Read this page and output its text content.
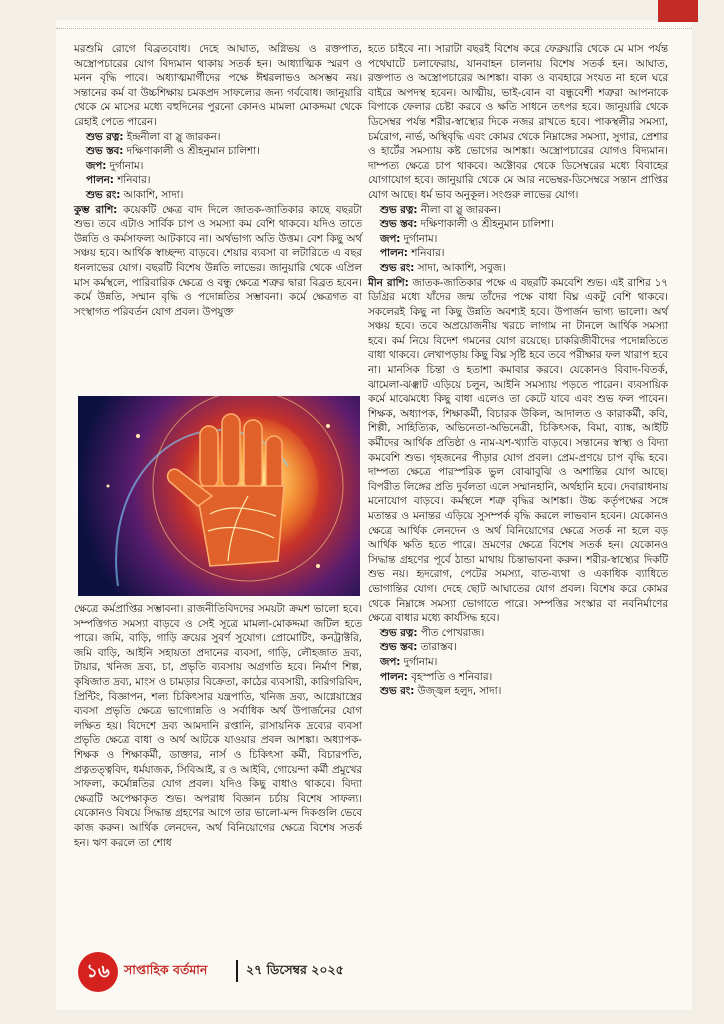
মরশুমি রোগে বিব্রতবোধ। দেহে আঘাত, অগ্নিভয় ও রক্তপাত, অস্ত্রোপচারের যোগ বিদ্যমান থাকায় সতর্ক হন। আধ্যাত্মিক স্মরণ ও মনন বৃদ্ধি পাবে। অধ্যাত্মমার্গীদের পক্ষে ঈশ্বরলাভও অসম্ভব নয়। সন্তানের কর্ম বা উচ্চশিক্ষায় চমকপ্রদ সাফল্যের জন্য গর্ববোধ। জানুয়ারি থেকে মে মাসের মধ্যে বহুদিনের পুরনো কোনও মামলা মোকদ্দমা থেকে রেহাই পেতে পারেন।

শুভ রত্ন: ইন্দ্রনীলা বা স্লু জারকন।

শুভ স্তব: দক্ষিণাকালী ও শ্রীহনুমান চালিশা।

জপ: দুর্গানাম।

পালন: শনিবার।

শুভ রং: আকাশি, সাদা।

কুম্ভ রাশি: কয়েকটি ক্ষেত্র বাদ দিলে জাতক-জাতিকার কাছে বছরটা শুভ। তবে এটাও সার্বিক চাপ ও সমস্যা কম বেশি থাকবে। যদিও তাতে উন্নতি ও কর্মসাফল্য আটকাবে না। অর্থভাগ্য অতি উত্তম। বেশ কিছু অর্থ সঞ্চয় হবে। আর্থিক স্বাচ্ছন্দ্য বাড়বে। শেয়ার ব্যবসা বা লটারিতে এ বছর ধনলাভের যোগ। বছরটি বিশেষ উন্নতি লাভের। জানুয়ারি থেকে এপ্রিল মাস কর্মস্থলে, পারিবারিক ক্ষেত্রে ও বন্ধু ক্ষেত্রে শত্রুর দ্বারা বিব্রত হবেন। কর্মে উন্নতি, সম্মান বৃদ্ধি ও পদোন্নতির সম্ভাবনা। কর্মে ক্ষেত্রগত বা সংস্থাগত পরিবর্তন যোগ প্রবল। উপযুক্ত

ক্ষেত্রে কর্মপ্রাপ্তির সম্ভাবনা। রাজনীতিবিদদের সময়টা ক্রমশ ভালো হবে। সম্পত্তিগত সমস্যা বাড়বে ও সেই সূত্রে মামলা-মোকদ্দমা জটিল হতে পারে। জমি, বাড়ি, গাড়ি ক্রয়ের সুবর্ণ সুযোগ। প্রোমোটিং, কনট্রাক্টরি, জমি বাড়ি, আইনি সহায়তা প্রদানের ব্যবসা, গাড়ি, লৌহজাত দ্রব্য, টায়ার, খনিজ দ্রব্য, চা, প্রভৃতি ব্যবসায় অগ্রগতি হবে। নির্মাণ শিল্প, কৃষিজাত দ্রব্য, মাংস ও চামড়ার বিক্রেতা, কাঠের ব্যবসায়ী, কারিগরিবিদ, প্রিন্টিং, বিজ্ঞাপন, শল্য চিকিৎসার যন্ত্রপাতি, খনিজ দ্রব্য, আগ্নেয়াস্ত্রের ব্যবসা প্রভৃতি ক্ষেত্রে ভাগ্যোন্নতি ও সর্বাধিক অর্থ উপার্জনের যোগ লক্ষিত হয়। বিদেশে দ্রব্য আমদানি রপ্তানি, রাসায়নিক দ্রব্যের ব্যবসা প্রভৃতি ক্ষেত্রে বাধা ও অর্থ আটকে যাওয়ার প্রবল আশঙ্কা। অধ্যাপক-শিক্ষক ও শিক্ষাকর্মী, ডাক্তার, নার্স ও চিকিৎসা কর্মী, বিচারপতি, প্রত্নতত্ত্ববিদ, ধর্মযাজক, সিবিআই, র ও আইবি, গোয়েন্দা কর্মী প্রমুখের সাফল্য, কর্মোন্নতির যোগ প্রবল। যদিও কিছু বাধাও থাকবে। বিদ্যা ক্ষেত্রটি অপেক্ষাকৃত শুভ। অপরাধ বিজ্ঞান চর্চায় বিশেষ সাফল্য। যেকোনও বিষয়ে সিদ্ধান্ত গ্রহণের আগে তার ভালো-মন্দ দিকগুলি ভেবে কাজ করুন। আর্থিক লেনদেন, অর্থ বিনিয়োগের ক্ষেত্রে বিশেষ সতর্ক হন। ঋণ করলে তা শোধ

হতে চাইবে না। সারাটা বছরই বিশেষ করে ফেব্রুয়ারি থেকে মে মাস পর্যন্ত পথেঘাটে চলাফেরায়, যানবাহন চালনায় বিশেষ সতর্ক হন। আঘাত, রক্তপাত ও অস্ত্রোপচারের আশঙ্কা। বাক্য ও ব্যবহারে সংযত না হলে ঘরে বাইরে অপদস্থ হবেন। আত্মীয়, ভাই-বোন বা বন্ধুবেশী শত্রুরা আপনাকে বিপাকে ফেলার চেষ্টা করবে ও ক্ষতি সাধনে তৎপর হবে। জানুয়ারি থেকে ডিসেম্বর পর্যন্ত শরীর-স্বাস্থ্যের দিকে নজর রাখতে হবে। পাকস্থলীর সমস্যা, চর্মরোগ, নার্ভ, অস্থিবৃদ্ধি এবং কোমর থেকে নিম্নাঙ্গের সমস্যা, সুগার, প্রেশার ও হার্টের সমস্যায় কষ্ট ভোগের আশঙ্কা। অস্ত্রোপচারের যোগও বিদ্যমান। দাম্পত্য ক্ষেত্রে চাপ থাকবে। অক্টোবর থেকে ডিসেম্বরের মধ্যে বিবাহের যোগাযোগ হবে। জানুয়ারি থেকে মে আর নভেম্বর-ডিসেম্বরে সন্তান প্রাপ্তির যোগ আছে। ধর্ম ভাব অনুকূল। সংগুরু লাভের যোগ।

শুভ রত্ন: নীলা বা স্লু জারকন।

শুভ স্তব: দক্ষিণাকালী ও শ্রীহনুমান চালিশা।

জপ: দুর্গানাম।

পালন: শনিবার।

শুভ রং: সাদা, আকাশি, সবুজ।

মীন রাশি: জাতক-জাতিকার পক্ষে এ বছরটি কমবেশি শুভ। এই রাশির ১৭ ডিগ্রির মধ্যে যাঁদের জন্ম তাঁদের পক্ষে বাধা বিঘ্ন একটু বেশি থাকবে। সকলেরই কিছু না কিছু উন্নতি অবশ্যই হবে। উপার্জন ভাগ্য ভালো। অর্থ সঞ্চয় হবে। তবে অপ্রয়োজনীয় খরচে লাগাম না টানলে আর্থিক সমস্যা হবে। কর্ম নিয়ে বিদেশ গমনের যোগ রয়েছে। চাকরিজীবীদের পদোন্নতিতে বাধা থাকবে। লেখাপড়ায় কিছু বিঘ্ন সৃষ্টি হবে তবে পরীক্ষার ফল খারাপ হবে না। মানসিক চিন্তা ও হতাশা কমাবার করবে। যেকোনও বিবাদ-বিতর্ক, ঝামেলা-ঝঞ্ঝাট এড়িয়ে চলুন, আইনি সমস্যায় পড়তে পারেন। ব্যবসায়িক কর্মে মাঝেমধ্যে কিছু বাধা এলেও তা কেটে যাবে এবং শুভ ফল পাবেন। শিক্ষক, অধ্যাপক, শিক্ষাকর্মী, বিচারক উকিল, আদালত ও কারাকর্মী, কবি, শিল্পী, সাহিত্যিক, অভিনেতা-অভিনেত্রী, চিকিৎসক, বিমা, ব্যাঙ্ক, আইটি কর্মীদের আর্থিক প্রতিষ্ঠা ও নাম-যশ-খ্যাতি বাড়বে। সন্তানের স্বাস্থ্য ও বিদ্যা কমবেশি শুভ। গৃহজনের পীড়ার যোগ প্রবল। প্রেম-প্রণয়ে চাপ বৃদ্ধি হবে। দাম্পত্য ক্ষেত্রে পারস্পরিক ভুল বোঝাবুঝি ও অশান্তির যোগ আছে। বিপরীত লিঙ্গের প্রতি দুর্বলতা এলে সম্মানহানি, অর্থহানি হবে। দেবারাধনায় মনোযোগ বাড়বে। কর্মস্থলে শত্রু বৃদ্ধির আশঙ্কা। উচ্চ কর্তৃপক্ষের সঙ্গে মতান্তর ও মনান্তর এড়িয়ে সুসম্পর্ক বৃদ্ধি করলে লাভবান হবেন। যেকোনও ক্ষেত্রে আর্থিক লেনদেন ও অর্থ বিনিয়োগের ক্ষেত্রে সতর্ক না হলে বড় আর্থিক ক্ষতি হতে পারে। ভ্রমণের ক্ষেত্রে বিশেষ সতর্ক হন। যেকোনও সিদ্ধান্ত গ্রহণের পূর্বে ঠান্ডা মাথায় চিন্তাভাবনা করুন। শরীর-স্বাস্থ্যের দিকটি শুভ নয়। হৃদরোগ, পেটের সমস্যা, বাত-ব্যথা ও একাধিক ব্যাধিতে ভোগান্তির যোগ। দেহে ছোট আঘাতের যোগ প্রবল। বিশেষ করে কোমর থেকে নিম্নাঙ্গে সমস্যা ভোগাতে পারে। সম্পত্তির সংস্কার বা নবনির্মাণের ক্ষেত্রে বাধার মধ্যে কার্যসিদ্ধ হবে।

শুভ রত্ন: পীত পোখরাজ।

শুভ স্তব: তারাস্তব।

জপ: দুর্গানাম।

পালন: বৃহস্পতি ও শনিবার।

শুভ রং: উজ্জ্বল হলুদ, সাদা।

১৬	সাপ্তাহিক বর্তমান	২৭ ডিসেম্বর ২০২৫
